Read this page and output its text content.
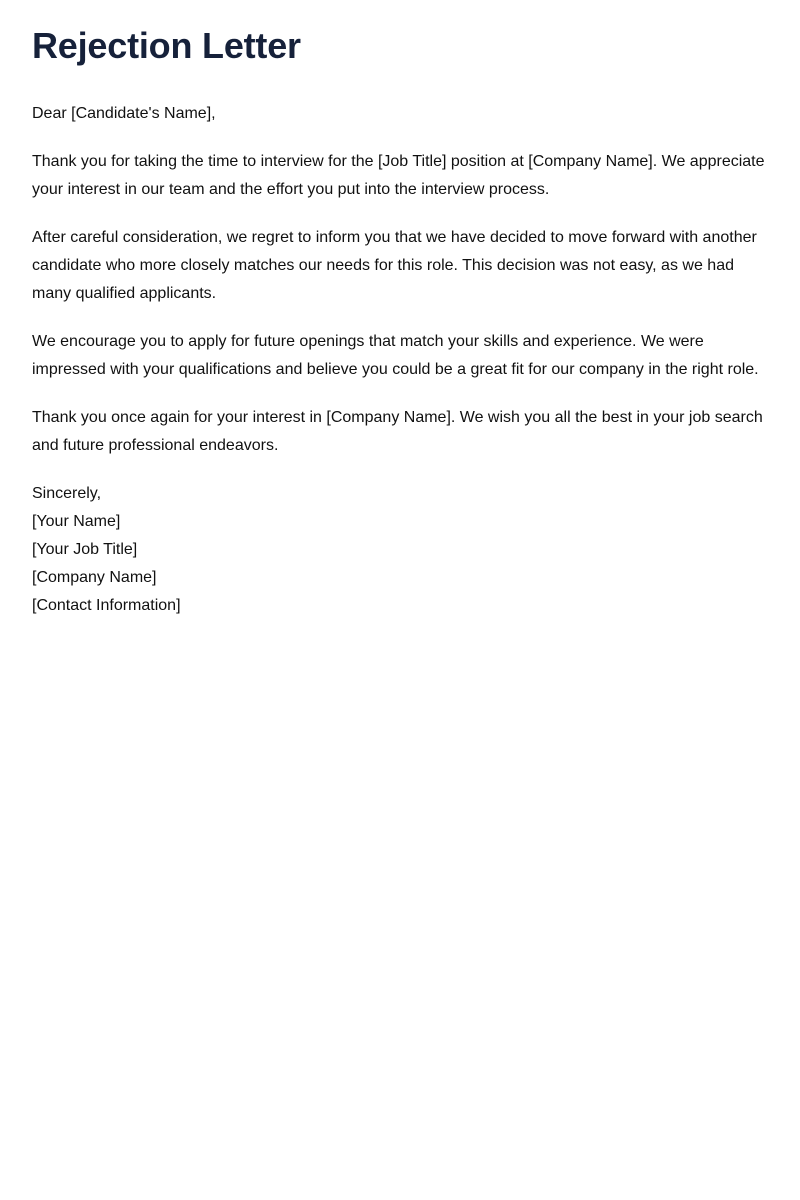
Rejection Letter

Dear [Candidate's Name],

Thank you for taking the time to interview for the [Job Title] position at [Company Name]. We appreciate your interest in our team and the effort you put into the interview process.

After careful consideration, we regret to inform you that we have decided to move forward with another candidate who more closely matches our needs for this role. This decision was not easy, as we had many qualified applicants.

We encourage you to apply for future openings that match your skills and experience. We were impressed with your qualifications and believe you could be a great fit for our company in the right role.

Thank you once again for your interest in [Company Name]. We wish you all the best in your job search and future professional endeavors.

Sincerely,
[Your Name]
[Your Job Title]
[Company Name]
[Contact Information]
